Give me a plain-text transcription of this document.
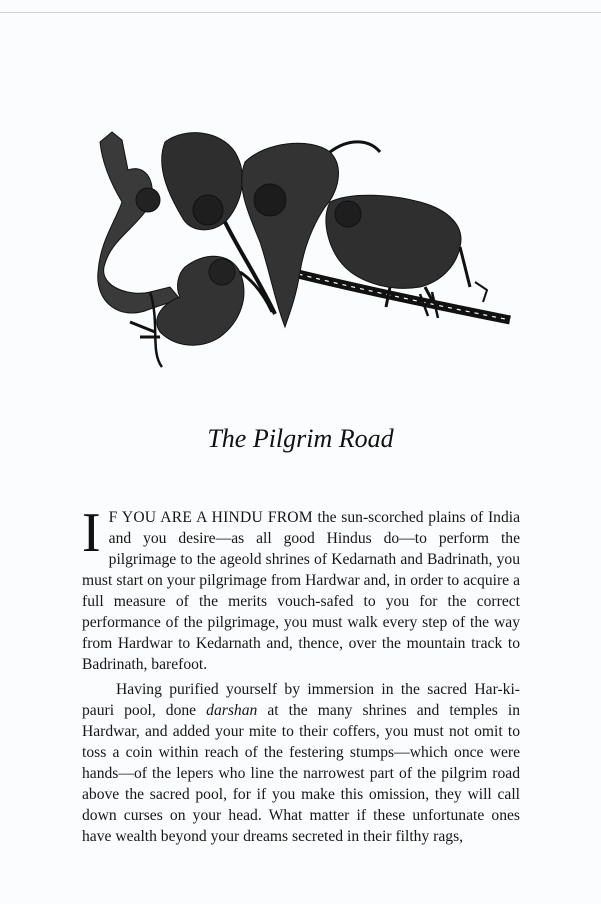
The Pilgrim Road

I F YOU ARE A HINDU FROM the sun-scorched plains of India and you desire—as all good Hindus do—to perform the pilgrimage to the ageold shrines of Kedarnath and Badrinath, you must start on your pilgrimage from Hardwar and, in order to acquire a full measure of the merits vouch-safed to you for the correct performance of the pilgrimage, you must walk every step of the way from Hardwar to Kedarnath and, thence, over the mountain track to Badrinath, barefoot.

Having purified yourself by immersion in the sacred Har-ki-pauri pool, done darshan at the many shrines and temples in Hardwar, and added your mite to their coffers, you must not omit to toss a coin within reach of the festering stumps—which once were hands—of the lepers who line the narrowest part of the pilgrim road above the sacred pool, for if you make this omission, they will call down curses on your head. What matter if these unfortunate ones have wealth beyond your dreams secreted in their filthy rags,
